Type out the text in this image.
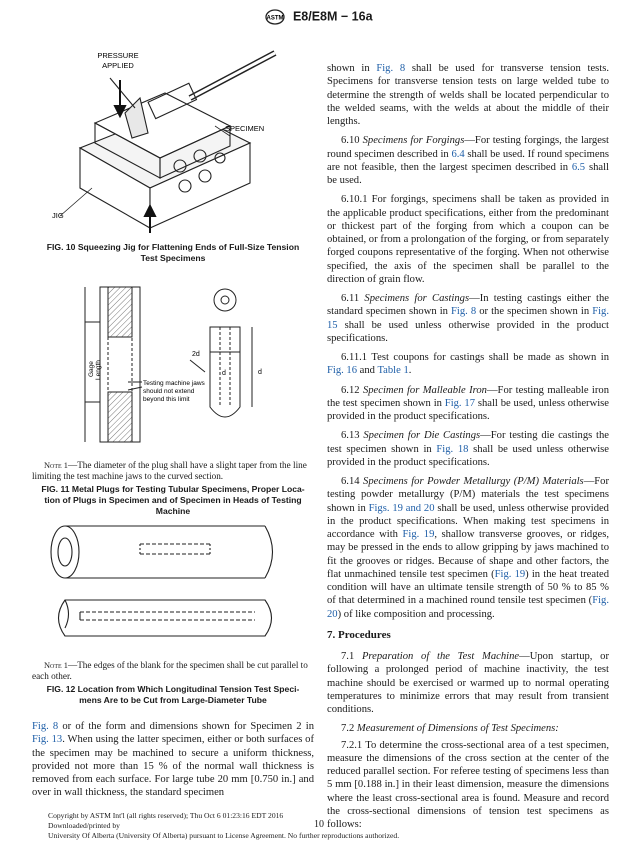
ASTM E8/E8M − 16a
PRESSURE
APPLIED
SPECIMEN
JIG
FIG. 10 Squeezing Jig for Flattening Ends of Full-Size Tension
Test Specimens
Gage Length
2d
d	d
Testing machine jaws
should not extend
beyond this limit
Note 1—The diameter of the plug shall have a slight taper from the line limiting the test machine jaws to the curved section.
FIG. 11 Metal Plugs for Testing Tubular Specimens, Proper Loca-
tion of Plugs in Specimen and of Specimen in Heads of Testing
Machine
Note 1—The edges of the blank for the specimen shall be cut parallel to each other.
FIG. 12 Location from Which Longitudinal Tension Test Speci-
mens Are to be Cut from Large-Diameter Tube

Fig. 8 or of the form and dimensions shown for Specimen 2 in Fig. 13. When using the latter specimen, either or both surfaces of the specimen may be machined to secure a uniform thickness, provided not more than 15 % of the normal wall thickness is removed from each surface. For large tube 20 mm [0.750 in.] and over in wall thickness, the standard specimen

shown in Fig. 8 shall be used for transverse tension tests. Specimens for transverse tension tests on large welded tube to determine the strength of welds shall be located perpendicular to the welded seams, with the welds at about the middle of their lengths.

6.10 Specimens for Forgings—For testing forgings, the largest round specimen described in 6.4 shall be used. If round specimens are not feasible, then the largest specimen described in 6.5 shall be used.

6.10.1 For forgings, specimens shall be taken as provided in the applicable product specifications, either from the predominant or thickest part of the forging from which a coupon can be obtained, or from a prolongation of the forging, or from separately forged coupons representative of the forging. When not otherwise specified, the axis of the specimen shall be parallel to the direction of grain flow.

6.11 Specimens for Castings—In testing castings either the standard specimen shown in Fig. 8 or the specimen shown in Fig. 15 shall be used unless otherwise provided in the product specifications.

6.11.1 Test coupons for castings shall be made as shown in Fig. 16 and Table 1.

6.12 Specimen for Malleable Iron—For testing malleable iron the test specimen shown in Fig. 17 shall be used, unless otherwise provided in the product specifications.

6.13 Specimen for Die Castings—For testing die castings the test specimen shown in Fig. 18 shall be used unless otherwise provided in the product specifications.

6.14 Specimens for Powder Metallurgy (P/M) Materials—For testing powder metallurgy (P/M) materials the test specimens shown in Figs. 19 and 20 shall be used, unless otherwise provided in the product specifications. When making test specimens in accordance with Fig. 19, shallow transverse grooves, or ridges, may be pressed in the ends to allow gripping by jaws machined to fit the grooves or ridges. Because of shape and other factors, the flat unmachined tensile test specimen (Fig. 19) in the heat treated condition will have an ultimate tensile strength of 50 % to 85 % of that determined in a machined round tensile test specimen (Fig. 20) of like composition and processing.

7. Procedures

7.1 Preparation of the Test Machine—Upon startup, or following a prolonged period of machine inactivity, the test machine should be exercised or warmed up to normal operating temperatures to minimize errors that may result from transient conditions.

7.2 Measurement of Dimensions of Test Specimens:

7.2.1 To determine the cross-sectional area of a test specimen, measure the dimensions of the cross section at the center of the reduced parallel section. For referee testing of specimens less than 5 mm [0.188 in.] in their least dimension, measure the dimensions where the least cross-sectional area is found. Measure and record the cross-sectional dimensions of tension test specimens as follows:

Copyright by ASTM Int'l (all rights reserved); Thu Oct 6 01:23:16 EDT 2016
Downloaded/printed by
University Of Alberta (University Of Alberta) pursuant to License Agreement. No further reproductions authorized.
10
